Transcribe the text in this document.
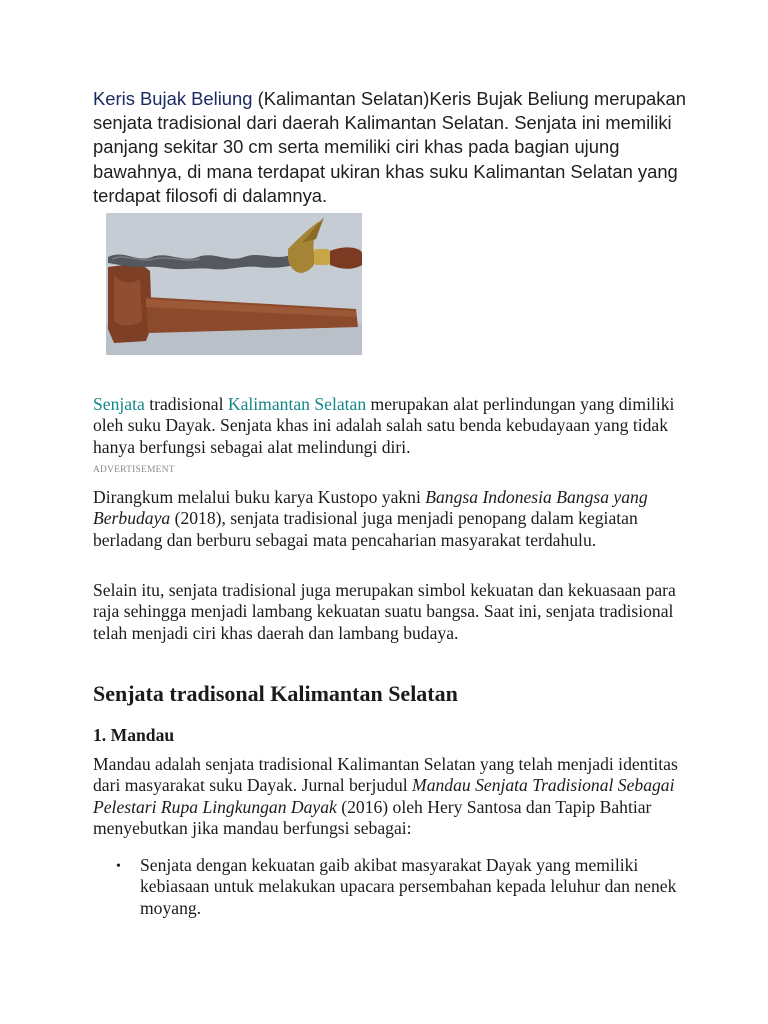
Keris Bujak Beliung (Kalimantan Selatan)Keris Bujak Beliung merupakan senjata tradisional dari daerah Kalimantan Selatan. Senjata ini memiliki panjang sekitar 30 cm serta memiliki ciri khas pada bagian ujung bawahnya, di mana terdapat ukiran khas suku Kalimantan Selatan yang terdapat filosofi di dalamnya.

Senjata tradisional Kalimantan Selatan merupakan alat perlindungan yang dimiliki oleh suku Dayak. Senjata khas ini adalah salah satu benda kebudayaan yang tidak hanya berfungsi sebagai alat melindungi diri.

ADVERTISEMENT

Dirangkum melalui buku karya Kustopo yakni Bangsa Indonesia Bangsa yang Berbudaya (2018), senjata tradisional juga menjadi penopang dalam kegiatan berladang dan berburu sebagai mata pencaharian masyarakat terdahulu.

Selain itu, senjata tradisional juga merupakan simbol kekuatan dan kekuasaan para raja sehingga menjadi lambang kekuatan suatu bangsa. Saat ini, senjata tradisional telah menjadi ciri khas daerah dan lambang budaya.

Senjata tradisonal Kalimantan Selatan
1. Mandau

Mandau adalah senjata tradisional Kalimantan Selatan yang telah menjadi identitas dari masyarakat suku Dayak. Jurnal berjudul Mandau Senjata Tradisional Sebagai Pelestari Rupa Lingkungan Dayak (2016) oleh Hery Santosa dan Tapip Bahtiar menyebutkan jika mandau berfungsi sebagai:

• Senjata dengan kekuatan gaib akibat masyarakat Dayak yang memiliki kebiasaan untuk melakukan upacara persembahan kepada leluhur dan nenek moyang.
